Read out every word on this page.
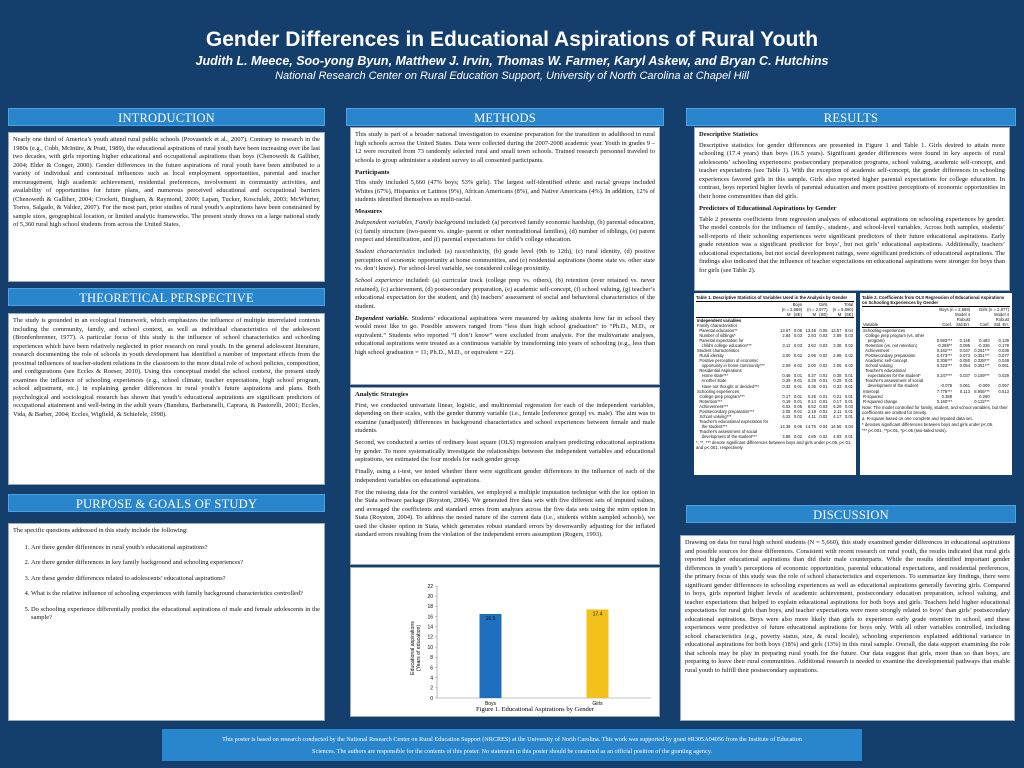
Gender Differences in Educational Aspirations of Rural Youth
Judith L. Meece, Soo-yong Byun, Matthew J. Irvin, Thomas W. Farmer, Karyl Askew, and Bryan C. Hutchins
National Research Center on Rural Education Support, University of North Carolina at Chapel Hill
INTRODUCTION

Nearly one third of America’s youth attend rural public schools (Provasnick et al., 2007). Contrary to research in the 1980s (e.g., Cobb, McIntire, & Pratt, 1989), the educational aspirations of rural youth have been increasing over the last two decades, with girls reporting higher educational and occupational aspirations than boys (Chenoweth & Galliher, 2004; Elder & Conger, 2000). Gender differences in the future aspirations of rural youth have been attributed to a variety of individual and contextual influences such as local employment opportunities, parental and teacher encouragement, high academic achievement, residential preferences, involvement in community activities, and availability of opportunities for future plans, and numerous perceived educational and occupational barriers (Chenoweth & Galliher, 2004; Crockett, Bingham, & Raymond, 2000; Lapan, Tucker, Kosciulek, 2003; McWhirter, Torres, Salgado, & Valdez, 2007). For the most part, prior studies of rural youth’s aspirations have been constrained by sample sizes, geographical location, or limited analytic frameworks. The present study draws on a large national study of 5,360 rural high school students from across the United States.

THEORETICAL PERSPECTIVE

The study is grounded in an ecological framework, which emphasizes the influence of multiple interrelated contexts including the community, family, and school context, as well as individual characteristics of the adolescent (Bronfenbrenner, 1977). A particular focus of this study is the influence of school characteristics and schooling experiences which have been relatively neglected in prior research on rural youth. In the general adolescent literature, research documenting the role of schools in youth development has identified a number of important effects from the proximal influences of teacher-student relations in the classroom to the more distal role of school policies, composition, and configurations (see Eccles & Roeser, 2010). Using this conceptual model the school context, the present study examines the influence of schooling experiences (e.g., school climate, teacher expectations, high school program, school adjustment, etc.) in explaining gender differences in rural youth’s future aspirations and plans. Both psychological and sociological research has shown that youth’s educational aspirations are significant predictors of occupational attainment and well-being in the adult years (Bandura, Barbaranelli, Caprara, & Pastorelli, 2001; Eccles, Vida, & Barber, 2004; Eccles, Wigfield, & Schiefele, 1998).

PURPOSE & GOALS OF STUDY

The specific questions addressed in this study include the following:

1. Are there gender differences in rural youth’s educational aspirations?
2. Are there gender differences in key family background and schooling experiences?
3. Are these gender differences related to adolescents’ educational aspirations?
4. What is the relative influence of schooling experiences with family background characteristics controlled?
5. Do schooling experience differentially predict the educational aspirations of male and female adolescents in the sample?
METHODS

This study is part of a broader national investigation to examine preparation for the transition to adulthood in rural high schools across the United States. Data were collected during the 2007-2008 academic year. Youth in grades 9 – 12 were recruited from 73 randomly selected rural and small town schools. Trained research personnel traveled to schools to group administer a student survey to all consented participants.

Participants

This study included 5,660 (47% boys; 53% girls). The largest self-identified ethnic and racial groups included Whites (67%), Hispanics or Latinos (9%), African Americans (8%), and Native Americans (4%). In addition, 12% of students identified themselves as multi-racial.

Measures

Independent variables, Family background included: (a) perceived family economic hardship, (b) parental education, (c) family structure (two-parent vs. single- parent or other nontraditional families), (d) number of siblings, (e) parent respect and identification, and (f) parental expectations for child’s college education.

Student characteristics included: (a) race/ethnicity, (b) grade level (9th to 12th), (c) rural identity, (d) positive perception of economic opportunity at home communities, and (e) residential aspirations (home state vs. other state vs. don’t know). For school-level variable, we considered college proximity.

School experience included: (a) curricular track (college prep vs. others), (b) retention (ever retained vs. never retained), (c) achievement, (d) postsecondary preparation, (e) academic self-concept, (f) school valuing, (g) teacher’s educational expectation for the student, and (h) teachers’ assessment of social and behavioral characteristics of the student.

Dependent variable. Students’ educational aspirations were measured by asking students how far in school they would most like to go. Possible answers ranged from “less than high school graduation” to “Ph.D., M.D., or equivalent.” Students who reported “I don’t know” were excluded from analysis. For the multivariate analyses, educational aspirations were treated as a continuous variable by transforming into years of schooling (e.g., less than high school graduation = 11; Ph.D., M.D., or equivalent = 22).

Analytic Strategies

First, we conducted univariate linear, logistic, and multinomial regression for each of the independent variables, depending on their scales, with the gender dummy variable (i.e., female [reference group] vs. male). The aim was to examine (unadjusted) differences in background characteristics and school experiences between female and male students.

Second, we conducted a series of ordinary least square (OLS) regression analyses predicting educational aspirations by gender. To more systematically investigate the relationships between the independent variables and educational aspirations, we estimated the four models for each gender group.

Finally, using a t-test, we tested whether there were significant gender differences in the influence of each of the independent variables on educational aspirations.

For the missing data for the control variables, we employed a multiple imputation technique with the ice option in the Stata software package (Royston, 2004). We generated five data sets with five different sets of imputed values, and averaged the coefficients and standard errors from analyses across the five data sets using the mim option in Stata (Royston, 2004). To address the nested nature of the current data (i.e., students within sampled schools), we used the cluster option in Stata, which generates robust standard errors by downwardly adjusting for the inflated standard errors resulting from the violation of the independent errors assumption (Rogers, 1993).

Educational aspirations(Years of education)
Figure 1. Educational Aspirations by Gender
0
2
4
6
8
10
12
14
16
18
20
22
16.5
Boys
17.4
Girls
RESULTS

Descriptive Statistics

Descriptive statistics for gender differences are presented in Figure 1 and Table 1. Girls desired to attain more schooling (17.4 years) than boys (16.5 years). Significant gender differences were found in key aspects of rural adolescents’ schooling experiences: postsecondary preparation programs, school valuing, academic self-concept, and teacher expectations (see Table 1). With the exception of academic self-concept, the gender differences in schooling experiences favored girls in this sample. Girls also reported higher parental expectations for college education. In contrast, boys reported higher levels of parental education and more positive perceptions of economic opportunities in their home communities than did girls.

Predictors of Educational Aspirations by Gender

Table 2 presents coefficients from regression analyses of educational aspirations on schooling experiences by gender. The model controls for the influence of family-, student-, and school-level variables. Across both samples, students’ self-reports of their schooling experiences were significant predictors of their future educational aspirations. Early grade retention was a significant predictor for boys’, but not girls’ educational aspirations. Additionally, teachers’ educational expectations, but not social development ratings, were significant predictors of educational aspirations. The findings also indicated that the influence of teacher expectations on educational aspirations were stronger for boys than for girls (see Table 2).

Table 1. Descriptive Statistics of Variables Used in the Analysis by Gender
	Boys		Girls		Total	
	(n = 2,669)		(n = 2,977)		(n = 5,660)	
	M	(SE)	M	(SE)	M	(SE)
Independent variables						
Family characteristics						
Parental education**	13.67	0.06	13.48	0.05	13.57	0.04
Number of siblings*	2.84	0.03	2.93	0.03	2.89	0.03
Parental expectation for						
child's college education***	3.12	0.03	3.62	0.03	3.38	0.02
Student characteristics						
Rural identity	3.00	0.02	2.95	0.02	2.98	0.02
Positive perception of economic						
opportunity in home community***	2.09	0.02	2.00	0.02	2.05	0.02
Residential Aspirations						
Home state***	0.48	0.01	0.37	0.01	0.38	0.01
Another state	0.29	0.01	0.28	0.01	0.29	0.01
Have not thought or decided***	0.32	0.01	0.35	0.01	0.33	0.01
Schooling experiences						
College prep program***	0.17	0.01	0.25	0.01	0.21	0.01
Retention***	0.19	0.01	0.14	0.01	0.17	0.01
Achievement***	6.02	0.05	6.52	0.03	6.29	0.03
Postsecondary preparation***	2.05	0.01	2.18	0.01	2.11	0.01
School valuing***	4.22	0.02	4.11	0.02	4.17	0.01
Teacher's educational expectation for						
the student***	14.36	0.06	14.76	0.04	14.56	0.04
Teacher's assessment of social						
development of the student***	4.86	0.02	4.89	0.02	4.93	0.01
*, **, *** denote significant differences between boys and girls under p<.05, p<.01, and p<.001, respectively
Table 2. Coefficients from OLS Regression of Educational Aspirations on Schooling Experiences by Gender
	Boys (n = 2,669)		Girls (n = 2,977)	
	Model 4		Model 4	
		Robust		Robust
Variable	Coef.	Std.Err.	Coef.	Std. Err.
Schooling experiences				
College prep program (vs. other				
program)	0.693***	0.145	0.483	0.139
Retention (vs. not retention)	-0.288**	0.095	-0.336	0.178
Achievement	0.162***	0.037	0.261***	0.039
Postsecondary preparation	0.473***	0.073	0.351***	0.077
Academic self-concept	0.306***	0.050	0.328***	0.049
School valuing	0.323***	0.054	0.351***	0.061
Teacher's educational				
expectations for the student*	0.247***	0.037	0.159***	0.029
Teacher's assessment of social				
development of the student	-0.078	0.061	-0.009	0.057
Intercept	7.778***	0.113	8.955***	0.513
R-squared	0.388		0.260	
R-squared change	0.160***		0.122***	
Note: The model controlled for family, student, and school variables, but their coefficients are omitted for brevity.
a. R-square based on one complete and imputed data set.
* denotes significant differences between boys and girls under p<.05.
*** p<.001, **p<.01, *p<.05 (two-tailed tests).
DISCUSSION

Drawing on data for rural high school students (N = 5,660), this study examined gender differences in educational aspirations and possible sources for these differences. Consistent with recent research on rural youth, the results indicated that rural girls reported higher educational aspirations than did their male counterparts. While the results identified important gender differences in youth’s perceptions of economic opportunities, parental educational expectations, and residential preferences, the primary focus of this study was the role of school characteristics and experiences. To summarize key findings, there were significant gender differences in schooling experiences as well as educational aspirations generally favoring girls. Compared to boys, girls reported higher levels of academic achievement, postsecondary education preparation, school valuing, and teacher expectations that helped to explain educational aspirations for both boys and girls. Teachers held higher educational expectations for rural girls than boys, and teacher expectations were more strongly related to boys’ than girls’ postsecondary educational aspirations. Boys were also more likely than girls to experience early grade retention in school, and these experiences were predictive of future educational aspirations for boys only. With all other variables controlled, including school characteristics (e.g., poverty status, size, & rural locale), schooling experiences explained additional variance in educational aspirations for both boys (18%) and girls (13%) in this rural sample. Overall, the data support examining the role that schools may be play in preparing rural youth for the future. Our data suggest that girls, more than so than boys, are preparing to leave their rural communities. Additional research is needed to examine the developmental pathways that enable rural youth to fulfill their postsecondary aspirations.

This poster is based on research conducted by the National Research Center on Rural Education Support (NRCRES) at the University of North Carolina. This work was supported by grant #R305A04056 from the Institute of Education
Sciences. The authors are responsible for the contents of this poster. No statement in this poster should be construed as an official position of the granting agency.
